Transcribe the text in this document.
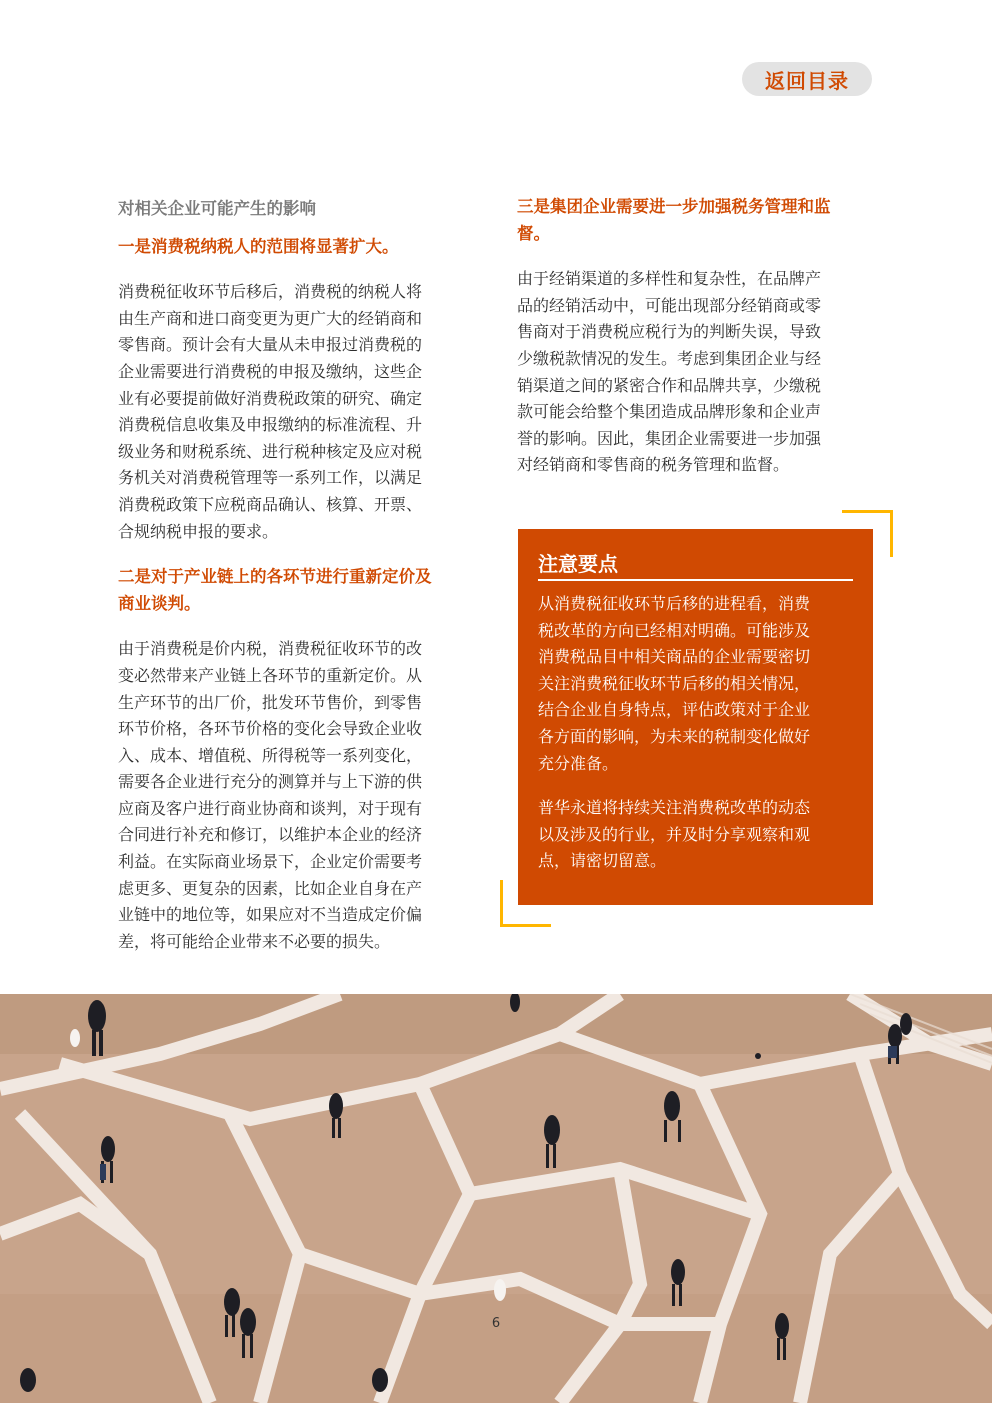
返回目录

对相关企业可能产生的影响

一是消费税纳税人的范围将显著扩大。

消费税征收环节后移后，消费税的纳税人将

由生产商和进口商变更为更广大的经销商和

零售商。预计会有大量从未申报过消费税的

企业需要进行消费税的申报及缴纳，这些企

业有必要提前做好消费税政策的研究、确定

消费税信息收集及申报缴纳的标准流程、升

级业务和财税系统、进行税种核定及应对税

务机关对消费税管理等一系列工作，以满足

消费税政策下应税商品确认、核算、开票、

合规纳税申报的要求。

二是对于产业链上的各环节进行重新定价及

商业谈判。

由于消费税是价内税，消费税征收环节的改

变必然带来产业链上各环节的重新定价。从

生产环节的出厂价，批发环节售价，到零售

环节价格，各环节价格的变化会导致企业收

入、成本、增值税、所得税等一系列变化，

需要各企业进行充分的测算并与上下游的供

应商及客户进行商业协商和谈判，对于现有

合同进行补充和修订，以维护本企业的经济

利益。在实际商业场景下，企业定价需要考

虑更多、更复杂的因素，比如企业自身在产

业链中的地位等，如果应对不当造成定价偏

差，将可能给企业带来不必要的损失。

三是集团企业需要进一步加强税务管理和监

督。

由于经销渠道的多样性和复杂性，在品牌产

品的经销活动中，可能出现部分经销商或零

售商对于消费税应税行为的判断失误，导致

少缴税款情况的发生。考虑到集团企业与经

销渠道之间的紧密合作和品牌共享，少缴税

款可能会给整个集团造成品牌形象和企业声

誉的影响。因此，集团企业需要进一步加强

对经销商和零售商的税务管理和监督。

注意要点

从消费税征收环节后移的进程看，消费
税改革的方向已经相对明确。可能涉及
消费税品目中相关商品的企业需要密切
关注消费税征收环节后移的相关情况，
结合企业自身特点，评估政策对于企业
各方面的影响，为未来的税制变化做好
充分准备。

普华永道将持续关注消费税改革的动态
以及涉及的行业，并及时分享观察和观
点，请密切留意。

6
